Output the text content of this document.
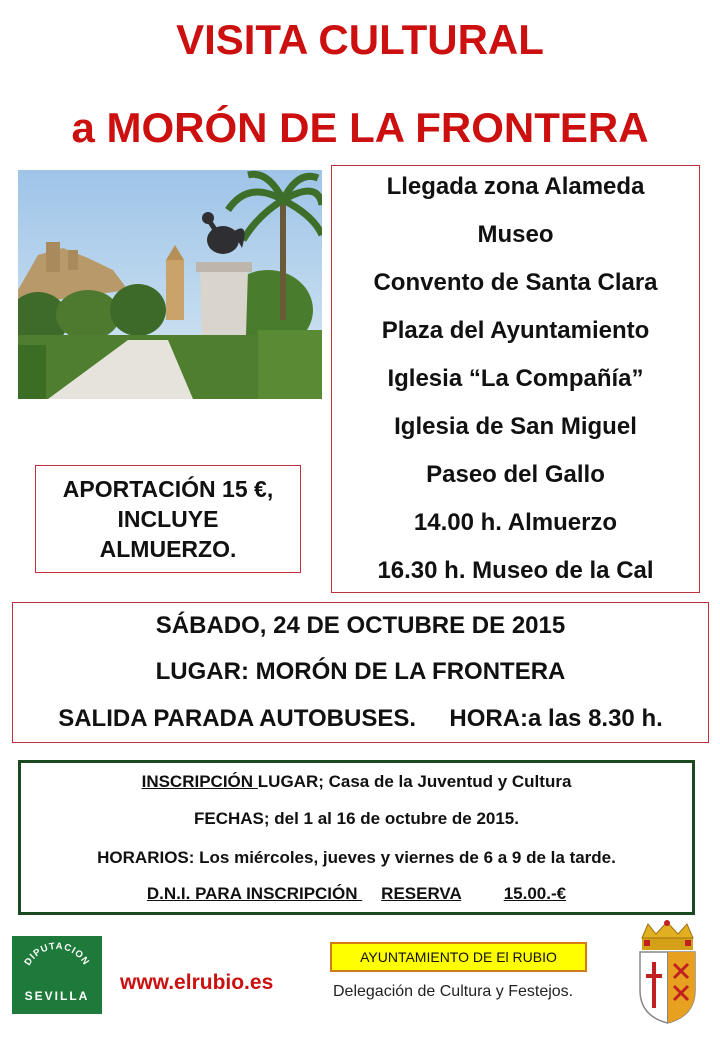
VISITA CULTURAL
a MORÓN DE LA FRONTERA
Llegada zona Alameda
Museo
Convento de Santa Clara
Plaza del Ayuntamiento
Iglesia “La Compañía”
Iglesia de San Miguel
Paseo del Gallo
14.00 h. Almuerzo
16.30 h. Museo de la Cal
APORTACIÓN 15 €,
INCLUYE
ALMUERZO.
SÁBADO, 24 DE OCTUBRE DE 2015
LUGAR: MORÓN DE LA FRONTERA
SALIDA PARADA AUTOBUSES. HORA:a las 8.30 h.
INSCRIPCIÓN LUGAR; Casa de la Juventud y Cultura
FECHAS; del 1 al 16 de octubre de 2015.
HORARIOS: Los miércoles, jueves y viernes de 6 a 9 de la tarde.
D.N.I. PARA INSCRIPCIÓN     RESERVA	15.00.-€
DIPUTACION
SEVILLA
www.elrubio.es
AYUNTAMIENTO DE El RUBIO
Delegación de Cultura y Festejos.
